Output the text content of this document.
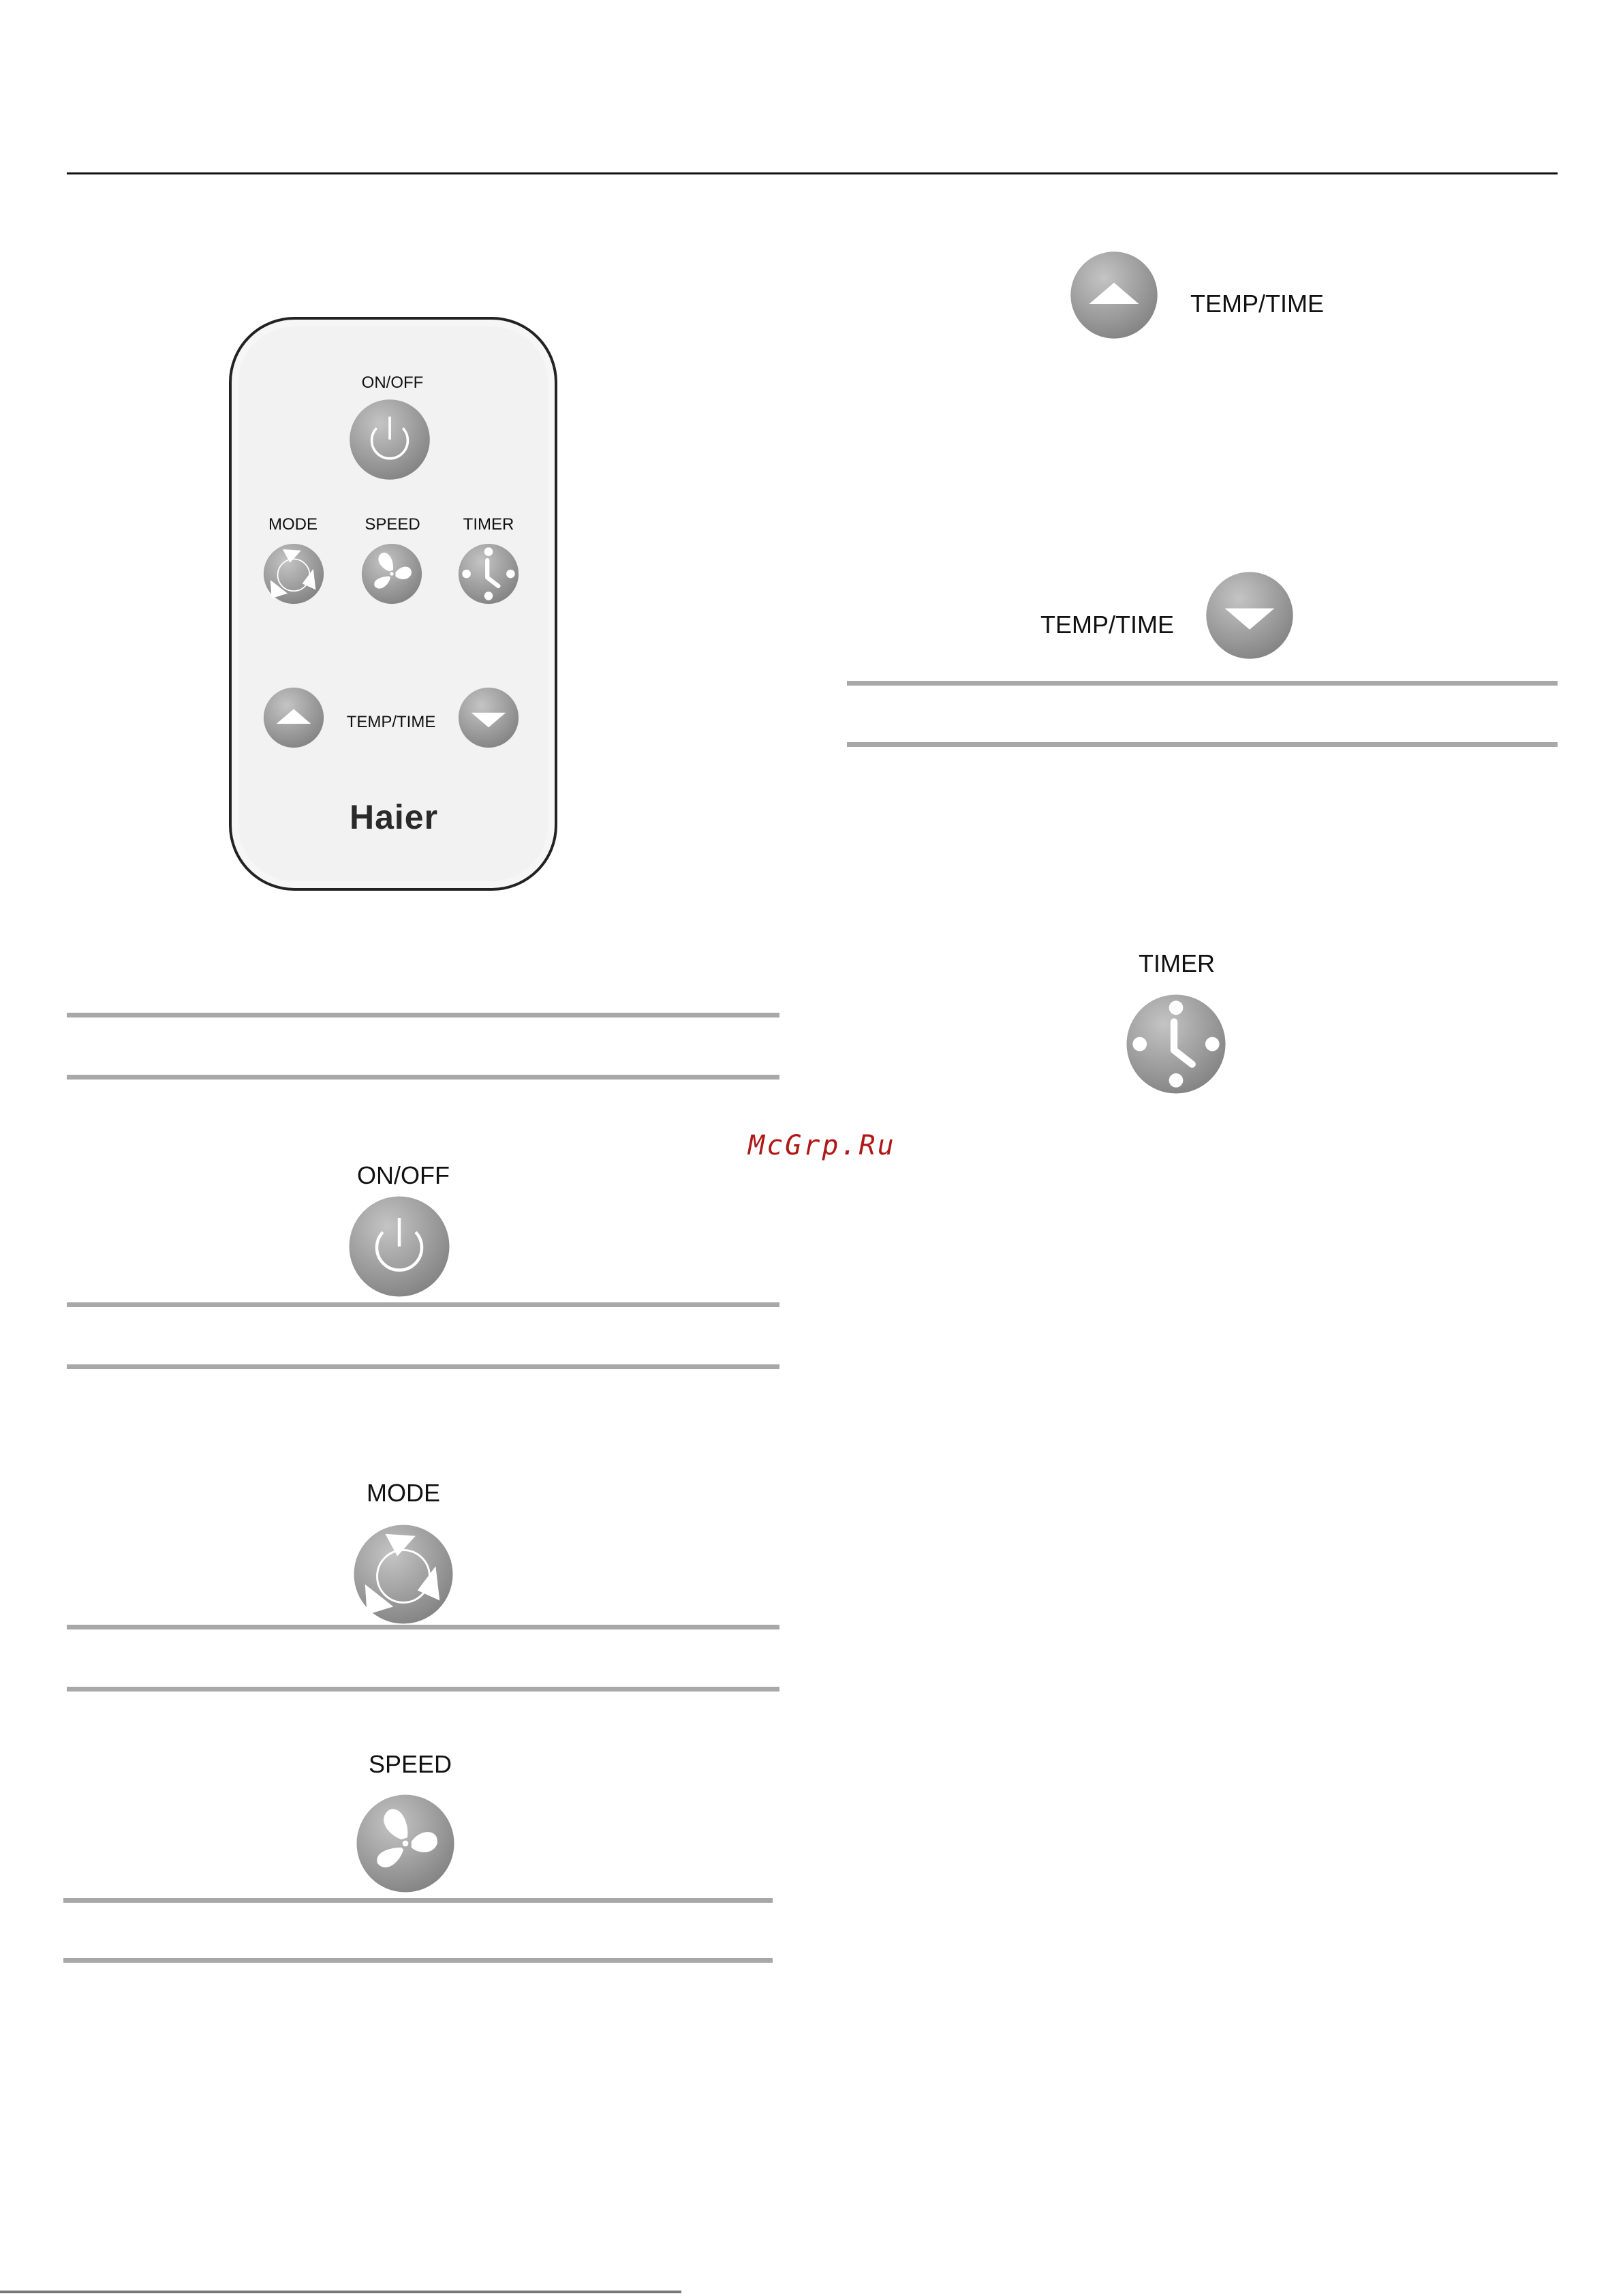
ON/OFF
MODE	SPEED	TIMER
TEMP/TIME
Haier
ON/OFF
MODE
SPEED
TEMP/TIME
TEMP/TIME
TIMER
McGrp.Ru
